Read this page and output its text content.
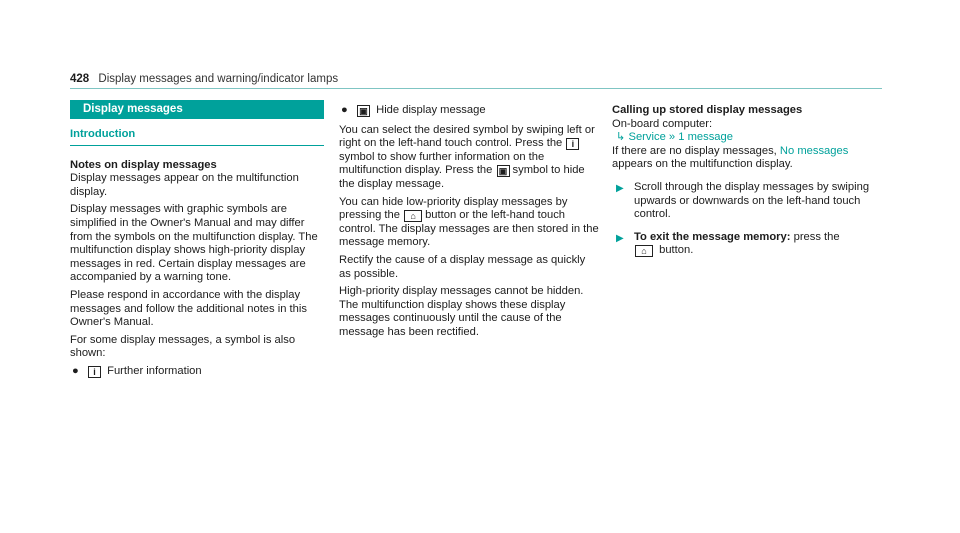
428 Display messages and warning/indicator lamps
Display messages
Introduction
Notes on display messages

Display messages appear on the multifunction display.

Display messages with graphic symbols are simplified in the Owner's Manual and may differ from the symbols on the multifunction display. The multifunction display shows high-priority display messages in red. Certain display messages are accompanied by a warning tone.

Please respond in accordance with the display messages and follow the additional notes in this Owner's Manual.

For some display messages, a symbol is also shown:

●	i Further information
●	▣ Hide display message

You can select the desired symbol by swiping left or right on the left-hand touch control. Press the isymbol to show further information on the multifunction display. Press the ▣ symbol to hide the display message.

You can hide low-priority display messages by pressing the ⌂ button or the left-hand touch control. The display messages are then stored in the message memory.

Rectify the cause of a display message as quickly as possible.

High-priority display messages cannot be hidden. The multifunction display shows these display messages continuously until the cause of the message has been rectified.

Calling up stored display messages
On-board computer:
↳ Service » 1 message

If there are no display messages, No messages appears on the multifunction display.

▶ Scroll through the display messages by swiping upwards or downwards on the left-hand touch control.
▶ To exit the message memory: press the
⌂ button.
